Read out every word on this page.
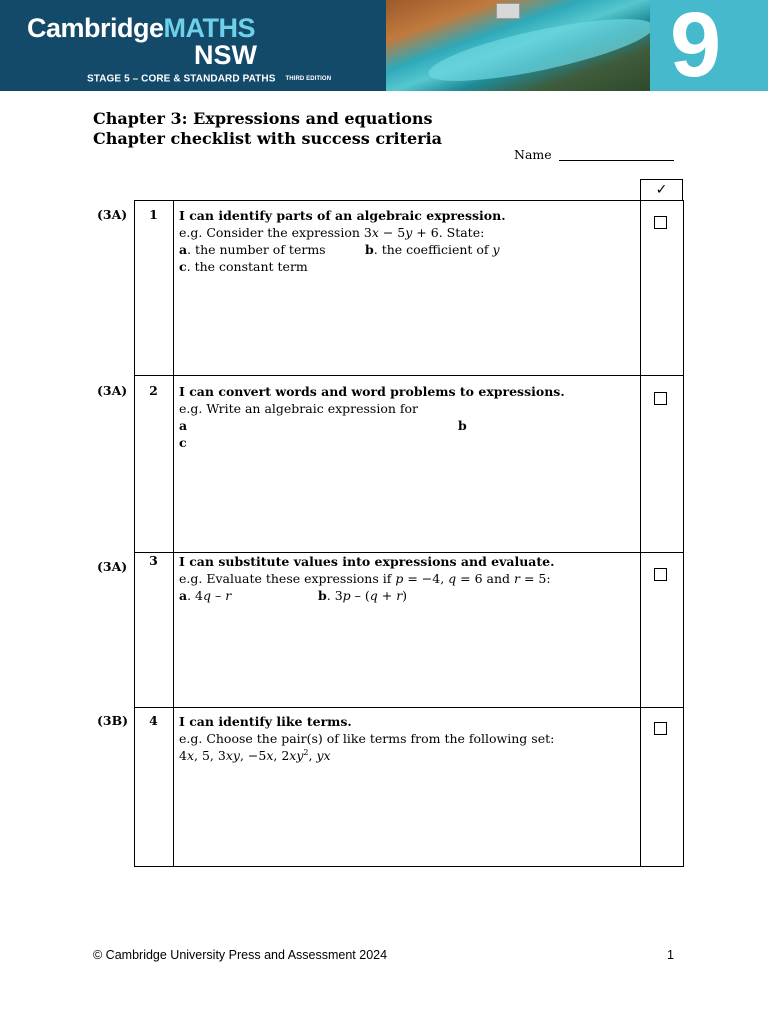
CambridgeMATHS
NSW
STAGE 5 – CORE & STANDARD PATHS THIRD EDITION	9
Chapter 3: Expressions and equations
Chapter checklist with success criteria
Name
✓
(3A)	1	I can identify parts of an algebraic expression.
e.g. Consider the expression 3x − 5y + 6. State:
a. the number of terms	b. the coefficient of y
c. the constant term
(3A)	2	I can convert words and word problems to expressions.
e.g. Write an algebraic expression for
a	b
c
(3A)	3	I can substitute values into expressions and evaluate.
e.g. Evaluate these expressions if p = −4, q = 6 and r = 5:
a. 4q – r	b. 3p – (q + r)
(3B)	4	I can identify like terms.
e.g. Choose the pair(s) of like terms from the following set:
4x, 5, 3xy, −5x, $2xy^2$, yx
© Cambridge University Press and Assessment 2024	1
